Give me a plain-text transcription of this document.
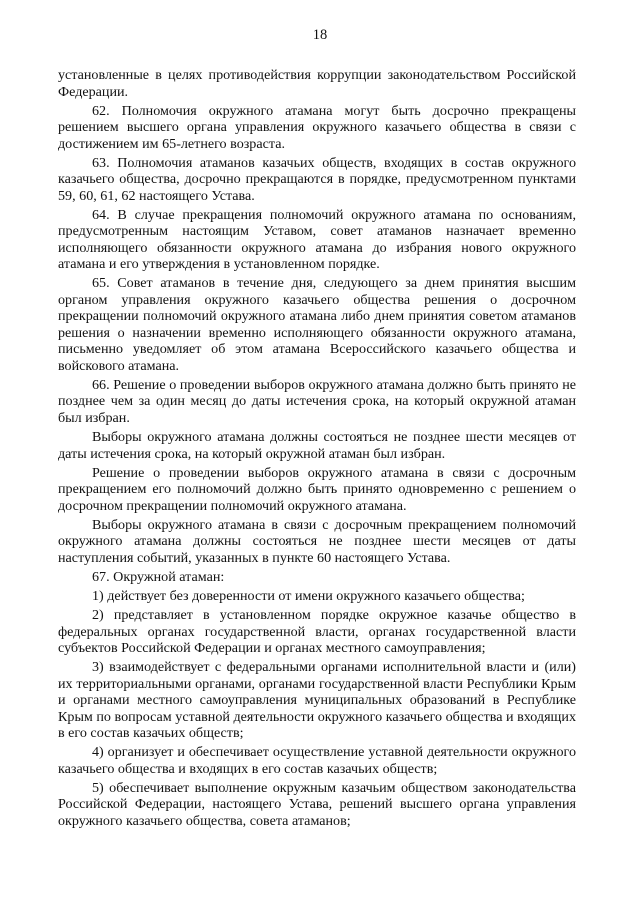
18

установленные в целях противодействия коррупции законодательством Российской Федерации.

62. Полномочия окружного атамана могут быть досрочно прекращены решением высшего органа управления окружного казачьего общества в связи с достижением им 65-летнего возраста.

63. Полномочия атаманов казачьих обществ, входящих в состав окружного казачьего общества, досрочно прекращаются в порядке, предусмотренном пунктами 59, 60, 61, 62 настоящего Устава.

64. В случае прекращения полномочий окружного атамана по основаниям, предусмотренным настоящим Уставом, совет атаманов назначает временно исполняющего обязанности окружного атамана до избрания нового окружного атамана и его утверждения в установленном порядке.

65. Совет атаманов в течение дня, следующего за днем принятия высшим органом управления окружного казачьего общества решения о досрочном прекращении полномочий окружного атамана либо днем принятия советом атаманов решения о назначении временно исполняющего обязанности окружного атамана, письменно уведомляет об этом атамана Всероссийского казачьего общества и войскового атамана.

66. Решение о проведении выборов окружного атамана должно быть принято не позднее чем за один месяц до даты истечения срока, на который окружной атаман был избран.

Выборы окружного атамана должны состояться не позднее шести месяцев от даты истечения срока, на который окружной атаман был избран.

Решение о проведении выборов окружного атамана в связи с досрочным прекращением его полномочий должно быть принято одновременно с решением о досрочном прекращении полномочий окружного атамана.

Выборы окружного атамана в связи с досрочным прекращением полномочий окружного атамана должны состояться не позднее шести месяцев от даты наступления событий, указанных в пункте 60 настоящего Устава.

67. Окружной атаман:

1) действует без доверенности от имени окружного казачьего общества;

2) представляет в установленном порядке окружное казачье общество в федеральных органах государственной власти, органах государственной власти субъектов Российской Федерации и органах местного самоуправления;

3) взаимодействует с федеральными органами исполнительной власти и (или) их территориальными органами, органами государственной власти Республики Крым и органами местного самоуправления муниципальных образований в Республике Крым по вопросам уставной деятельности окружного казачьего общества и входящих в его состав казачьих обществ;

4) организует и обеспечивает осуществление уставной деятельности окружного казачьего общества и входящих в его состав казачьих обществ;

5) обеспечивает выполнение окружным казачьим обществом законодательства Российской Федерации, настоящего Устава, решений высшего органа управления окружного казачьего общества, совета атаманов;
